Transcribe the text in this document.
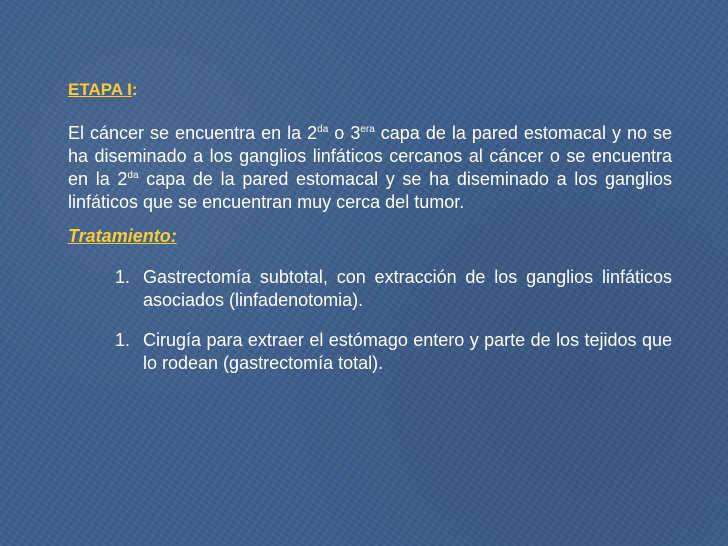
ETAPA I:

El cáncer se encuentra en la $2^{da}$ o $3^{era}$ capa de la pared estomacal y no se ha diseminado a los ganglios linfáticos cercanos al cáncer o se encuentra en la $2^{da}$ capa de la pared estomacal y se ha diseminado a los ganglios linfáticos que se encuentran muy cerca del tumor.

Tratamiento:

1. Gastrectomía subtotal, con extracción de los ganglios linfáticos asociados (linfadenotomia).
1. Cirugía para extraer el estómago entero y parte de los tejidos que lo rodean (gastrectomía total).
